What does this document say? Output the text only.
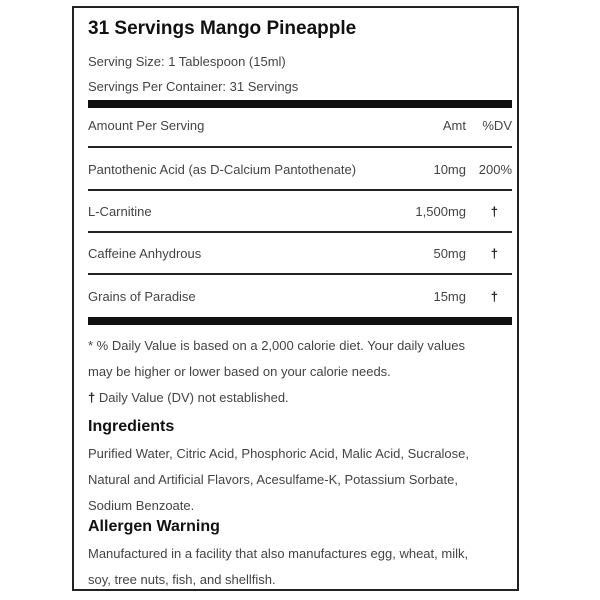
31 Servings Mango Pineapple
Serving Size: 1 Tablespoon (15ml)
Servings Per Container: 31 Servings
Amount Per Serving	Amt %DV
Pantothenic Acid (as D-Calcium Pantothenate)	10mg 200%
L-Carnitine	1,500mg †
Caffeine Anhydrous	50mg †
Grains of Paradise	15mg †
* % Daily Value is based on a 2,000 calorie diet. Your daily values
may be higher or lower based on your calorie needs.
† Daily Value (DV) not established.
Ingredients
Purified Water, Citric Acid, Phosphoric Acid, Malic Acid, Sucralose,
Natural and Artificial Flavors, Acesulfame-K, Potassium Sorbate,
Sodium Benzoate.
Allergen Warning
Manufactured in a facility that also manufactures egg, wheat, milk,
soy, tree nuts, fish, and shellfish.
